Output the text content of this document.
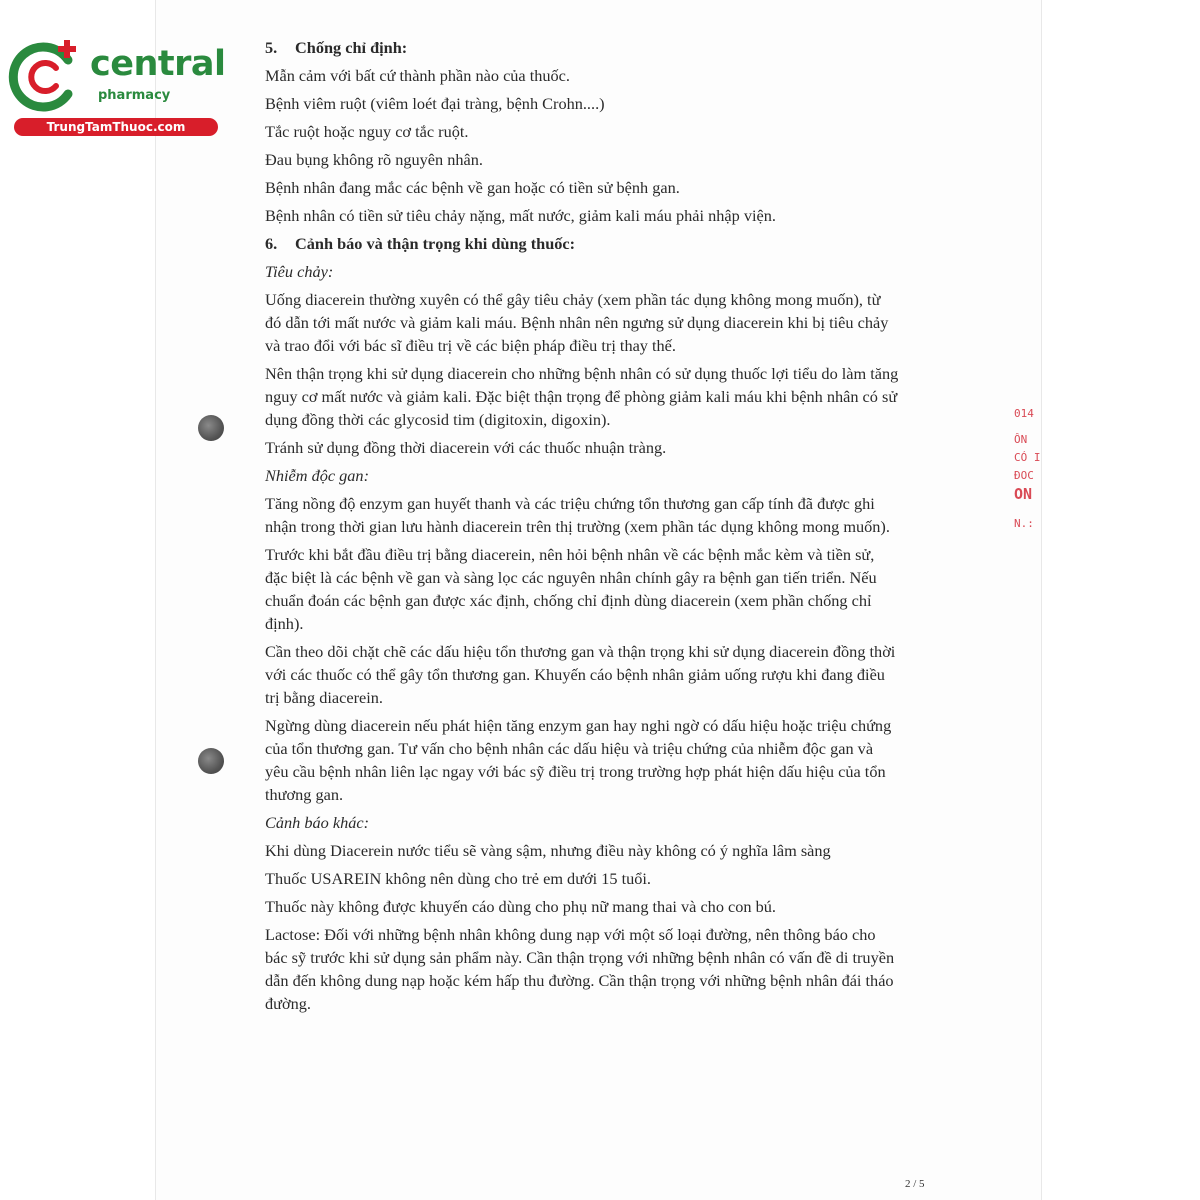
central
pharmacy
TrungTamThuoc.com
014
ÔN
CÓ I
ĐOC
ON
N.:

5. Chống chỉ định:

Mẫn cảm với bất cứ thành phần nào của thuốc.

Bệnh viêm ruột (viêm loét đại tràng, bệnh Crohn....)

Tắc ruột hoặc nguy cơ tắc ruột.

Đau bụng không rõ nguyên nhân.

Bệnh nhân đang mắc các bệnh về gan hoặc có tiền sử bệnh gan.

Bệnh nhân có tiền sử tiêu chảy nặng, mất nước, giảm kali máu phải nhập viện.

6. Cảnh báo và thận trọng khi dùng thuốc:

Tiêu chảy:

Uống diacerein thường xuyên có thể gây tiêu chảy (xem phần tác dụng không mong muốn), từ

đó dẫn tới mất nước và giảm kali máu. Bệnh nhân nên ngưng sử dụng diacerein khi bị tiêu chảy

và trao đổi với bác sĩ điều trị về các biện pháp điều trị thay thế.

Nên thận trọng khi sử dụng diacerein cho những bệnh nhân có sử dụng thuốc lợi tiểu do làm tăng

nguy cơ mất nước và giảm kali. Đặc biệt thận trọng để phòng giảm kali máu khi bệnh nhân có sử

dụng đồng thời các glycosid tim (digitoxin, digoxin).

Tránh sử dụng đồng thời diacerein với các thuốc nhuận tràng.

Nhiễm độc gan:

Tăng nồng độ enzym gan huyết thanh và các triệu chứng tổn thương gan cấp tính đã được ghi

nhận trong thời gian lưu hành diacerein trên thị trường (xem phần tác dụng không mong muốn).

Trước khi bắt đầu điều trị bằng diacerein, nên hỏi bệnh nhân về các bệnh mắc kèm và tiền sử,

đặc biệt là các bệnh về gan và sàng lọc các nguyên nhân chính gây ra bệnh gan tiến triển. Nếu

chuẩn đoán các bệnh gan được xác định, chống chỉ định dùng diacerein (xem phần chống chỉ

định).

Cần theo dõi chặt chẽ các dấu hiệu tổn thương gan và thận trọng khi sử dụng diacerein đồng thời

với các thuốc có thể gây tổn thương gan. Khuyến cáo bệnh nhân giảm uống rượu khi đang điều

trị bằng diacerein.

Ngừng dùng diacerein nếu phát hiện tăng enzym gan hay nghi ngờ có dấu hiệu hoặc triệu chứng

của tổn thương gan. Tư vấn cho bệnh nhân các dấu hiệu và triệu chứng của nhiễm độc gan và

yêu cầu bệnh nhân liên lạc ngay với bác sỹ điều trị trong trường hợp phát hiện dấu hiệu của tổn

thương gan.

Cảnh báo khác:

Khi dùng Diacerein nước tiểu sẽ vàng sậm, nhưng điều này không có ý nghĩa lâm sàng

Thuốc USAREIN không nên dùng cho trẻ em dưới 15 tuổi.

Thuốc này không được khuyến cáo dùng cho phụ nữ mang thai và cho con bú.

Lactose: Đối với những bệnh nhân không dung nạp với một số loại đường, nên thông báo cho

bác sỹ trước khi sử dụng sản phẩm này. Cần thận trọng với những bệnh nhân có vấn đề di truyền

dẫn đến không dung nạp hoặc kém hấp thu đường. Cần thận trọng với những bệnh nhân đái tháo

đường.

2 / 5
